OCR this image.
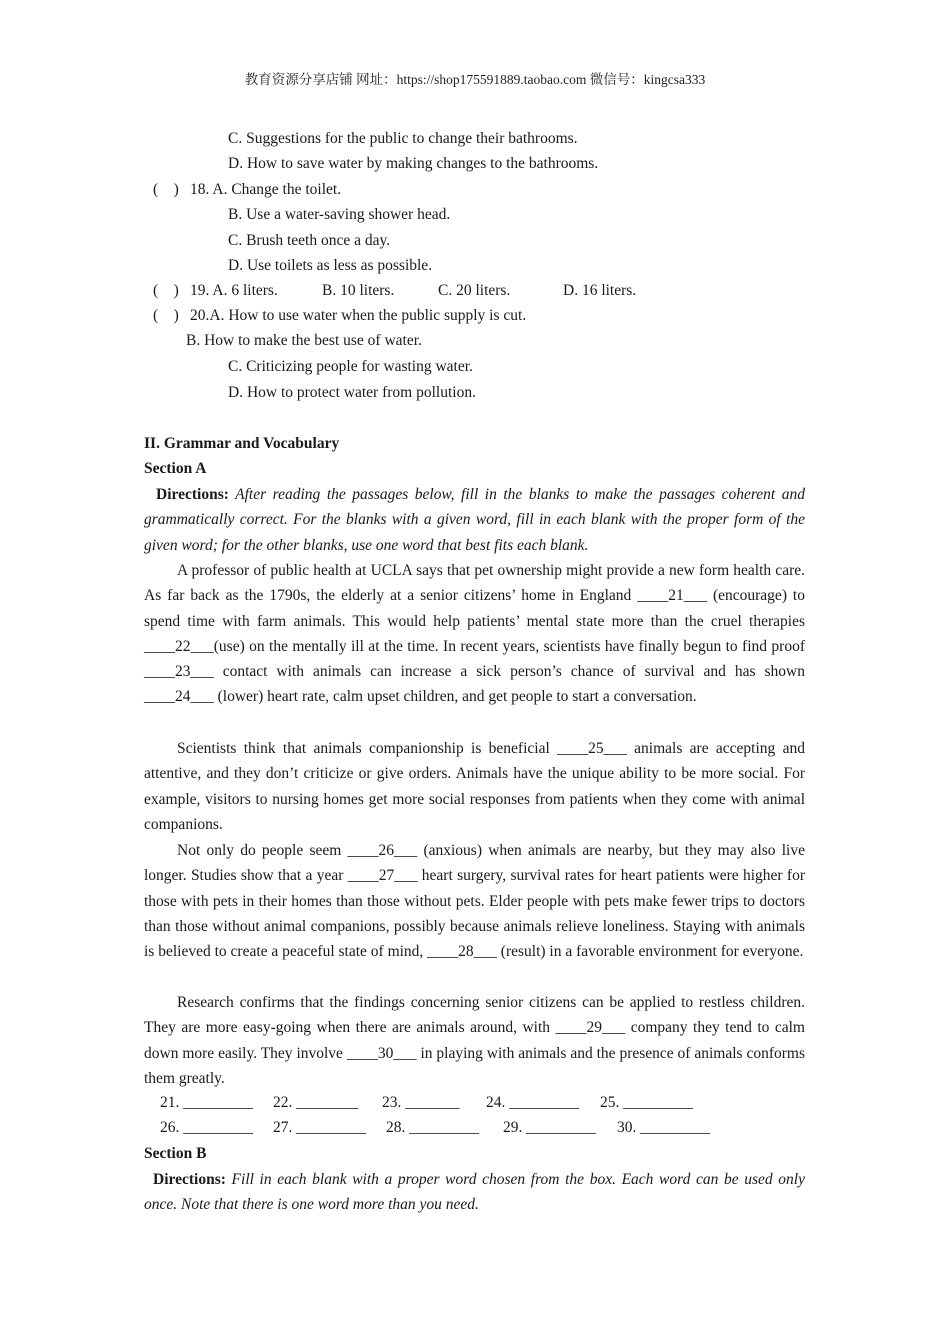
教育资源分享店铺 网址：https://shop175591889.taobao.com 微信号：kingcsa333
C. Suggestions for the public to change their bathrooms.
D. How to save water by making changes to the bathrooms.
(　) 18. A. Change the toilet.
B. Use a water-saving shower head.
C. Brush teeth once a day.
D. Use toilets as less as possible.
(　) 19. A. 6 liters.	B. 10 liters.	C. 20 liters.	D. 16 liters.
(　) 20.A. How to use water when the public supply is cut.
B. How to make the best use of water.
C. Criticizing people for wasting water.
D. How to protect water from pollution.
II. Grammar and Vocabulary
Section A
Directions: After reading the passages below, fill in the blanks to make the passages coherent and grammatically correct. For the blanks with a given word, fill in each blank with the proper form of the given word; for the other blanks, use one word that best fits each blank.
A professor of public health at UCLA says that pet ownership might provide a new form health care. As far back as the 1790s, the elderly at a senior citizens’ home in England ____21___ (encourage) to spend time with farm animals. This would help patients’ mental state more than the cruel therapies ____22___(use) on the mentally ill at the time. In recent years, scientists have finally begun to find proof ____23___ contact with animals can increase a sick person’s chance of survival and has shown ____24___ (lower) heart rate, calm upset children, and get people to start a conversation.
Scientists think that animals companionship is beneficial ____25___ animals are accepting and attentive, and they don’t criticize or give orders. Animals have the unique ability to be more social. For example, visitors to nursing homes get more social responses from patients when they come with animal companions.
Not only do people seem ____26___ (anxious) when animals are nearby, but they may also live longer. Studies show that a year ____27___ heart surgery, survival rates for heart patients were higher for those with pets in their homes than those without pets. Elder people with pets make fewer trips to doctors than those without animal companions, possibly because animals relieve loneliness. Staying with animals is believed to create a peaceful state of mind, ____28___ (result) in a favorable environment for everyone.
Research confirms that the findings concerning senior citizens can be applied to restless children. They are more easy-going when there are animals around, with ____29___ company they tend to calm down more easily. They involve ____30___ in playing with animals and the presence of animals conforms them greatly.
21. _________ 22. ________ 23. _______ 24. _________ 25. _________
26. _________ 27. _________ 28. _________ 29. _________ 30. _________
Section B
Directions: Fill in each blank with a proper word chosen from the box. Each word can be used only once. Note that there is one word more than you need.
